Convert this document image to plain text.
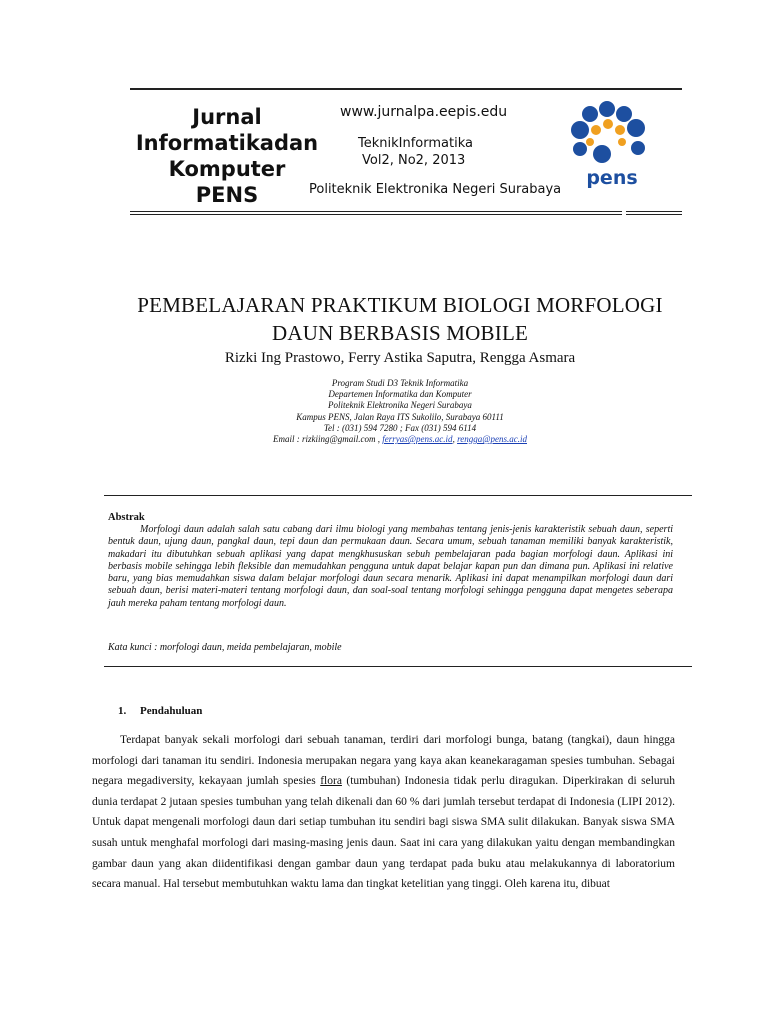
Jurnal
Informatikadan
Komputer
PENS
www.jurnalpa.eepis.edu
TeknikInformatika
Vol2, No2, 2013
Politeknik Elektronika Negeri Surabaya
pens
PEMBELAJARAN PRAKTIKUM BIOLOGI MORFOLOGI
DAUN BERBASIS MOBILE
Rizki Ing Prastowo, Ferry Astika Saputra, Rengga Asmara
Program Studi D3 Teknik Informatika
Departemen Informatika dan Komputer
Politeknik Elektronika Negeri Surabaya
Kampus PENS, Jalan Raya ITS Sukolilo, Surabaya 60111
Tel : (031) 594 7280 ; Fax (031) 594 6114
Email : rizkiing@gmail.com , ferryas@pens.ac.id, rengga@pens.ac.id
Abstrak
Morfologi daun adalah salah satu cabang dari ilmu biologi yang membahas tentang jenis-jenis karakteristik sebuah daun, seperti bentuk daun, ujung daun, pangkal daun, tepi daun dan permukaan daun. Secara umum, sebuah tanaman memiliki banyak karakteristik, makadari itu dibutuhkan sebuah aplikasi yang dapat mengkhususkan sebuh pembelajaran pada bagian morfologi daun. Aplikasi ini berbasis mobile sehingga lebih fleksible dan memudahkan pengguna untuk dapat belajar kapan pun dan dimana pun. Aplikasi ini relative baru, yang bias memudahkan siswa dalam belajar morfologi daun secara menarik. Aplikasi ini dapat menampilkan morfologi daun dari sebuah daun, berisi materi-materi tentang morfologi daun, dan soal-soal tentang morfologi sehingga pengguna dapat mengetes seberapa jauh mereka paham tentang morfologi daun.
Kata kunci : morfologi daun, meida pembelajaran, mobile
1. Pendahuluan

Terdapat banyak sekali morfologi dari sebuah tanaman, terdiri dari morfologi bunga, batang (tangkai), daun hingga morfologi dari tanaman itu sendiri. Indonesia merupakan negara yang kaya akan keanekaragaman spesies tumbuhan. Sebagai negara megadiversity, kekayaan jumlah spesies flora (tumbuhan) Indonesia tidak perlu diragukan. Diperkirakan di seluruh dunia terdapat 2 jutaan spesies tumbuhan yang telah dikenali dan 60 % dari jumlah tersebut terdapat di Indonesia (LIPI 2012). Untuk dapat mengenali morfologi daun dari setiap tumbuhan itu sendiri bagi siswa SMA sulit dilakukan. Banyak siswa SMA susah untuk menghafal morfologi dari masing-masing jenis daun. Saat ini cara yang dilakukan yaitu dengan membandingkan gambar daun yang akan diidentifikasi dengan gambar daun yang terdapat pada buku atau melakukannya di laboratorium secara manual. Hal tersebut membutuhkan waktu lama dan tingkat ketelitian yang tinggi. Oleh karena itu, dibuat
